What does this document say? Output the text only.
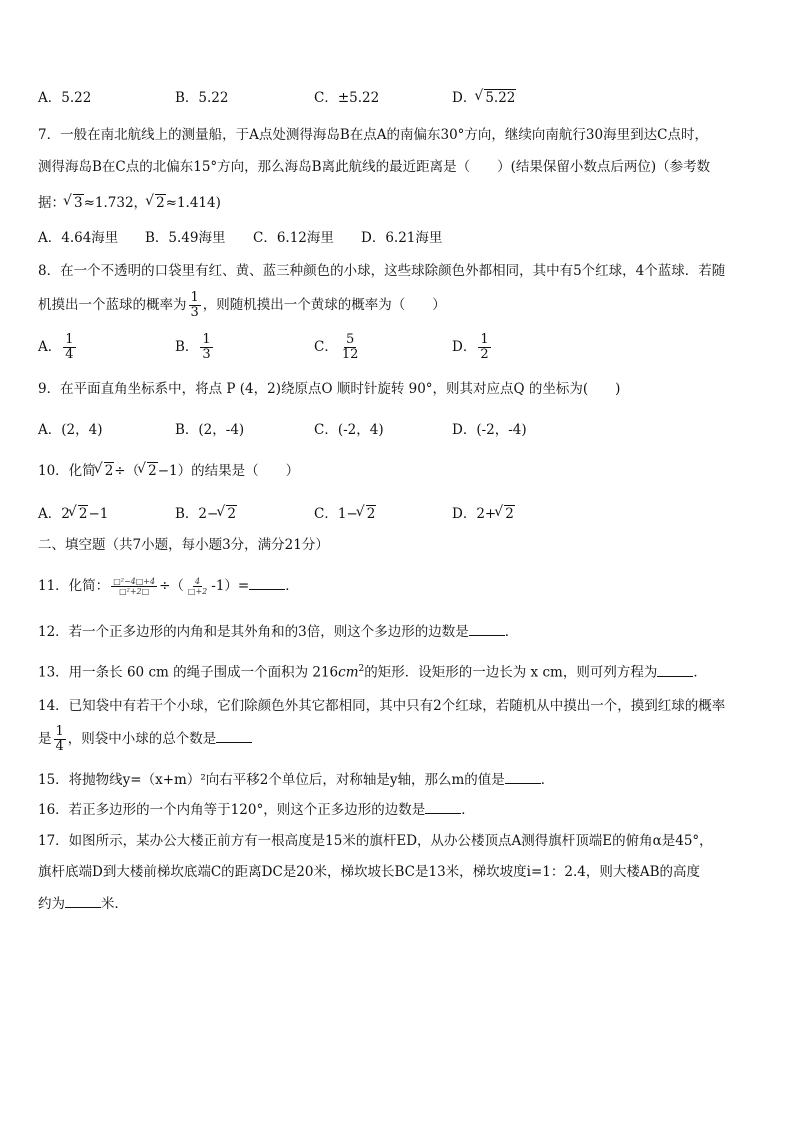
A．5.22	B．5.22	C．±5.22	D． √ 5.22
7．一般在南北航线上的测量船，于A点处测得海岛B在点A的南偏东30°方向，继续向南航行30海里到达C点时，
测得海岛B在C点的北偏东15°方向，那么海岛B离此航线的最近距离是（　　）(结果保留小数点后两位)（参考数
据： √ 3≈1.732， √ 2≈1.414)
A．4.64海里 B．5.49海里 C．6.12海里 D．6.21海里
8．在一个不透明的口袋里有红、黄、蓝三种颜色的小球，这些球除颜色外都相同，其中有5个红球，4个蓝球．若随
机摸出一个蓝球的概率为 $\frac{1}{3}$ ，则随机摸出一个黄球的概率为（　　）
A． $\frac{1}{4}$	B． $\frac{1}{3}$	C． $\frac{5}{12}$	D． $\frac{1}{2}$
9．在平面直角坐标系中，将点 P (4，2)绕原点O 顺时针旋转 90°，则其对应点Q 的坐标为(　　)
A．(2，4)	B．(2，-4)	C．(-2，4)	D．(-2，-4)
10．化简 √ 2÷（ √ 2−1）的结果是（　　）
A．2 √ 2−1	B．2− √ 2	C．1− √ 2	D．2+ √ 2
二、填空题（共7小题，每小题3分，满分21分）
11．化简： $\frac{\text{□²−4□+4}}{\text{□²+2□}}$ ÷（ $\frac{4}{□+2} -1)=$	．
12．若一个正多边形的内角和是其外角和的3倍，则这个多边形的边数是	．
13．用一条长 60 cm 的绳子围成一个面积为 $216cm^2$的矩形．设矩形的一边长为 x cm，则可列方程为	．
14．已知袋中有若干个小球，它们除颜色外其它都相同，其中只有2个红球，若随机从中摸出一个，摸到红球的概率
是 $\frac{1}{4}$ ，则袋中小球的总个数是
15．将抛物线y=（x+m）²向右平移2个单位后，对称轴是y轴，那么m的值是	．
16．若正多边形的一个内角等于120°，则这个正多边形的边数是	．
17．如图所示，某办公大楼正前方有一根高度是15米的旗杆ED，从办公楼顶点A测得旗杆顶端E的俯角α是45°，
旗杆底端D到大楼前梯坎底端C的距离DC是20米，梯坎坡长BC是13米，梯坎坡度i=1：2.4，则大楼AB的高度
约为	米．
